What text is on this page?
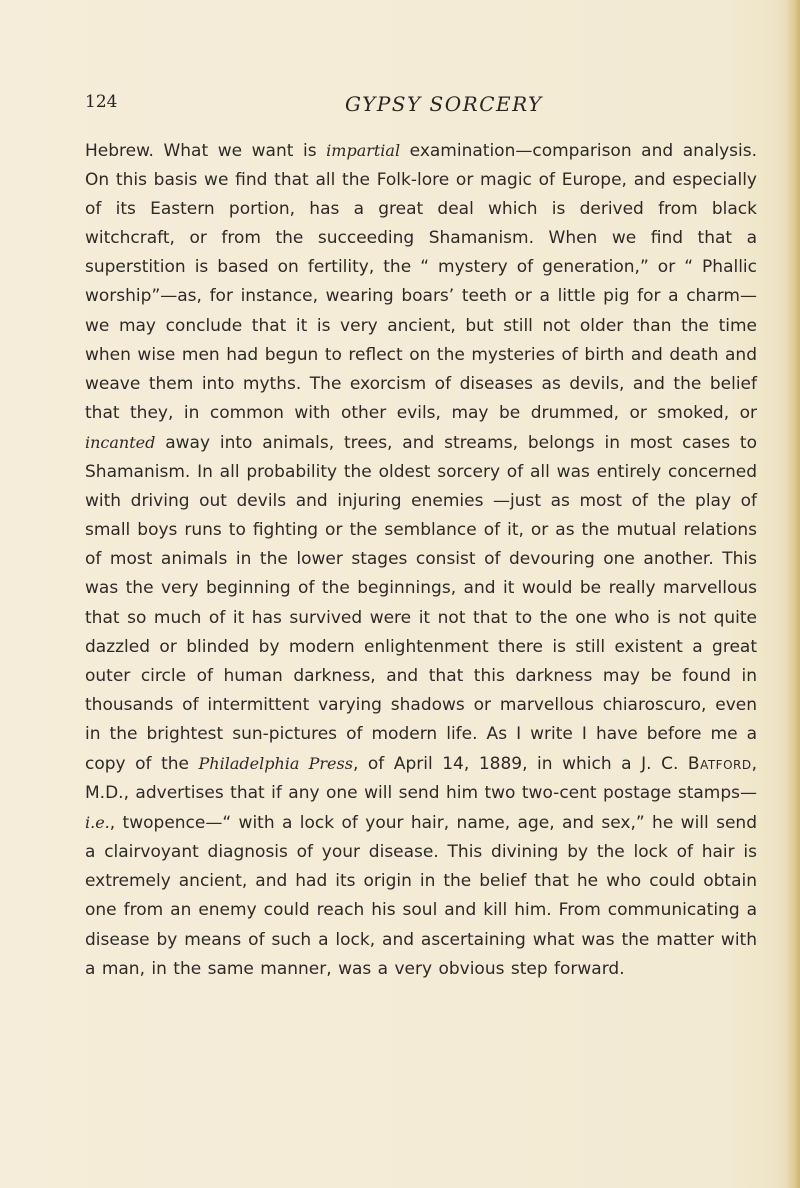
124	GYPSY SORCERY

Hebrew. What we want is impartial examination—comparison and analysis. On this basis we find that all the Folk-lore or magic of Europe, and especially of its Eastern portion, has a great deal which is derived from black witchcraft, or from the succeeding Shamanism. When we find that a superstition is based on fertility, the “ mystery of generation,” or “ Phallic worship”—as, for instance, wearing boars’ teeth or a little pig for a charm—we may conclude that it is very ancient, but still not older than the time when wise men had begun to reflect on the mysteries of birth and death and weave them into myths. The exorcism of diseases as devils, and the belief that they, in common with other evils, may be drummed, or smoked, or incanted away into animals, trees, and streams, belongs in most cases to Shamanism. In all probability the oldest sorcery of all was entirely concerned with driving out devils and injuring enemies —just as most of the play of small boys runs to fighting or the semblance of it, or as the mutual relations of most animals in the lower stages consist of devouring one another. This was the very beginning of the beginnings, and it would be really marvellous that so much of it has survived were it not that to the one who is not quite dazzled or blinded by modern enlightenment there is still existent a great outer circle of human darkness, and that this darkness may be found in thousands of intermittent varying shadows or marvellous chiaroscuro, even in the brightest sun-pictures of modern life. As I write I have before me a copy of the Philadelphia Press, of April 14, 1889, in which a J. C. Batford, M.D., advertises that if any one will send him two two-cent postage stamps—i.e., twopence—“ with a lock of your hair, name, age, and sex,” he will send a clairvoyant diagnosis of your disease. This divining by the lock of hair is extremely ancient, and had its origin in the belief that he who could obtain one from an enemy could reach his soul and kill him. From communicating a disease by means of such a lock, and ascertaining what was the matter with a man, in the same manner, was a very obvious step forward.
